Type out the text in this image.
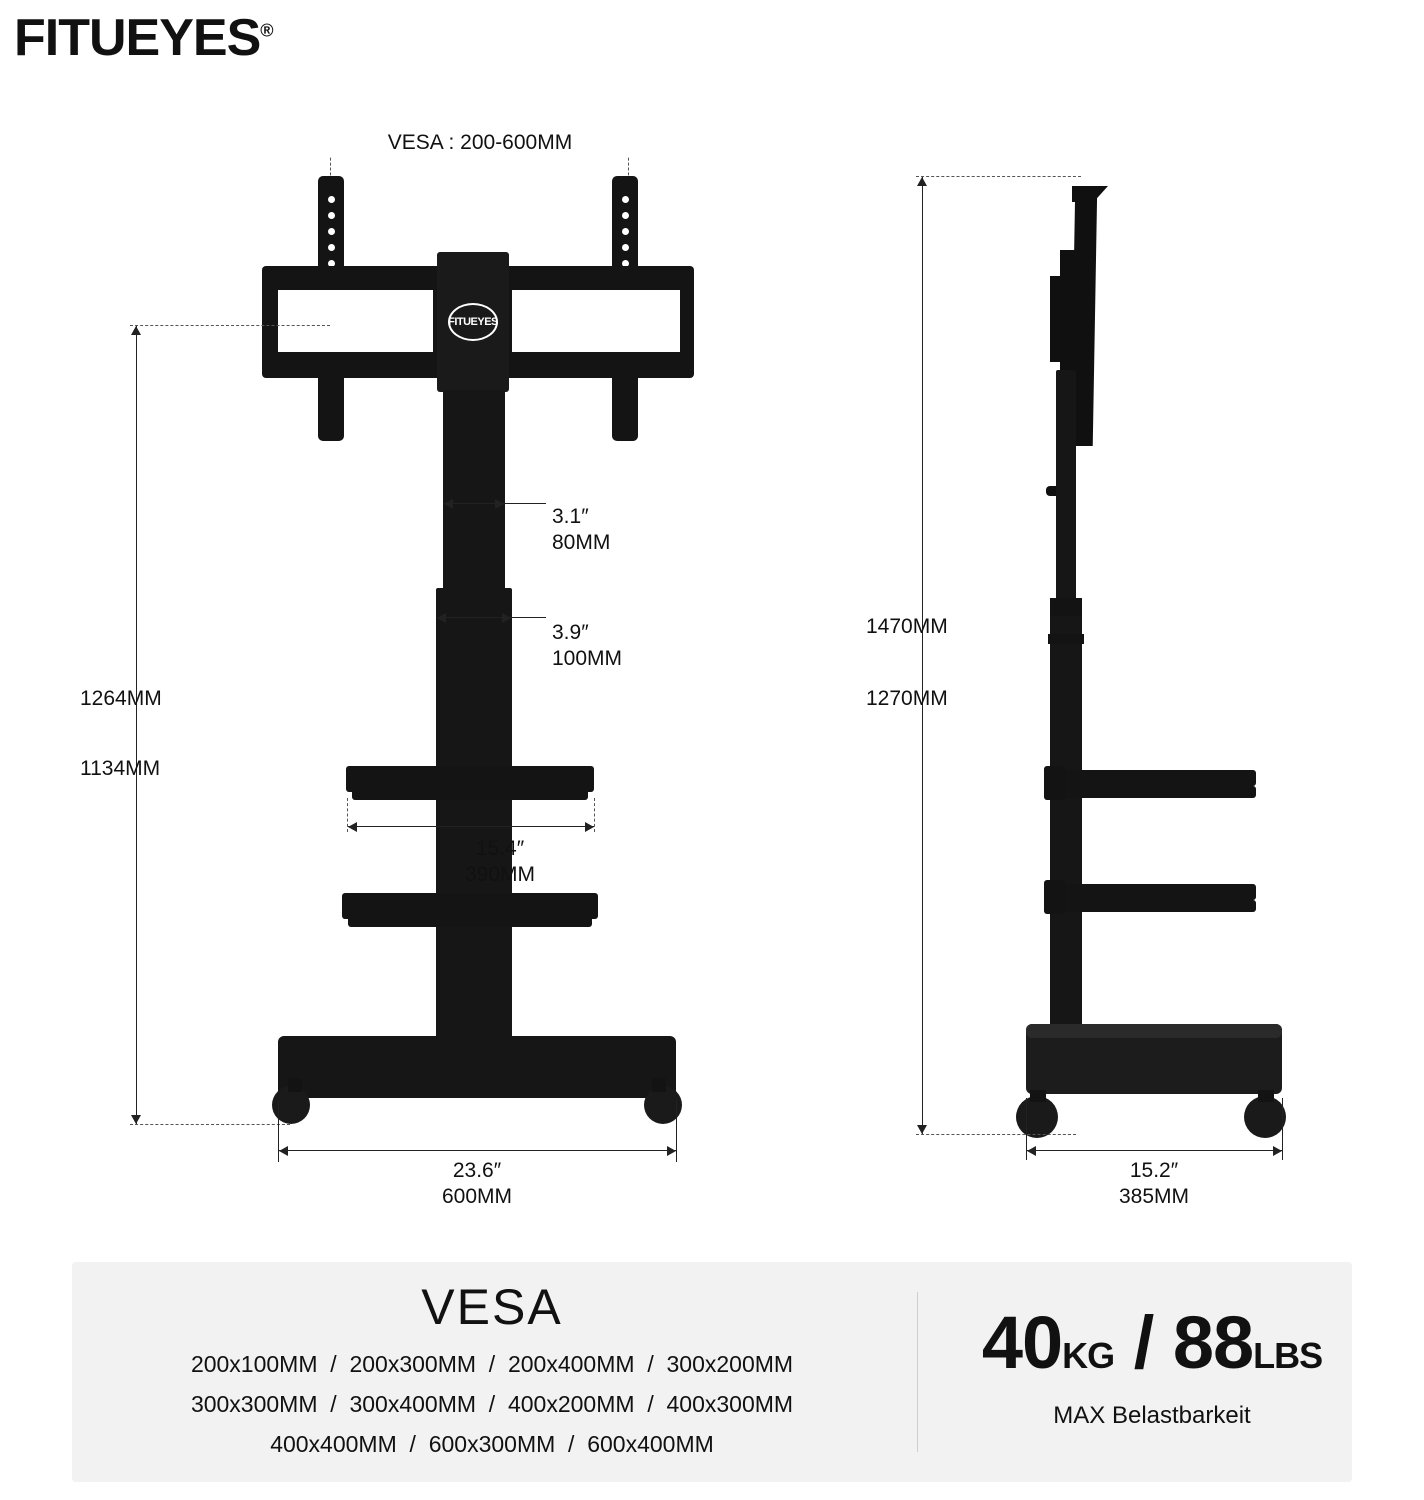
FITUEYES®
VESA : 200-600MM
FITUEYES
3.1″
80MM
3.9″
100MM
15.4″
390MM
1264MM
1134MM
23.6″
600MM
1470MM
1270MM
15.2″
385MM
VESA
200x100MM  /  200x300MM  /  200x400MM  /  300x200MM
300x300MM  /  300x400MM  /  400x200MM  /  400x300MM
400x400MM  /  600x300MM  /  600x400MM
40KG / 88LBS
MAX Belastbarkeit
